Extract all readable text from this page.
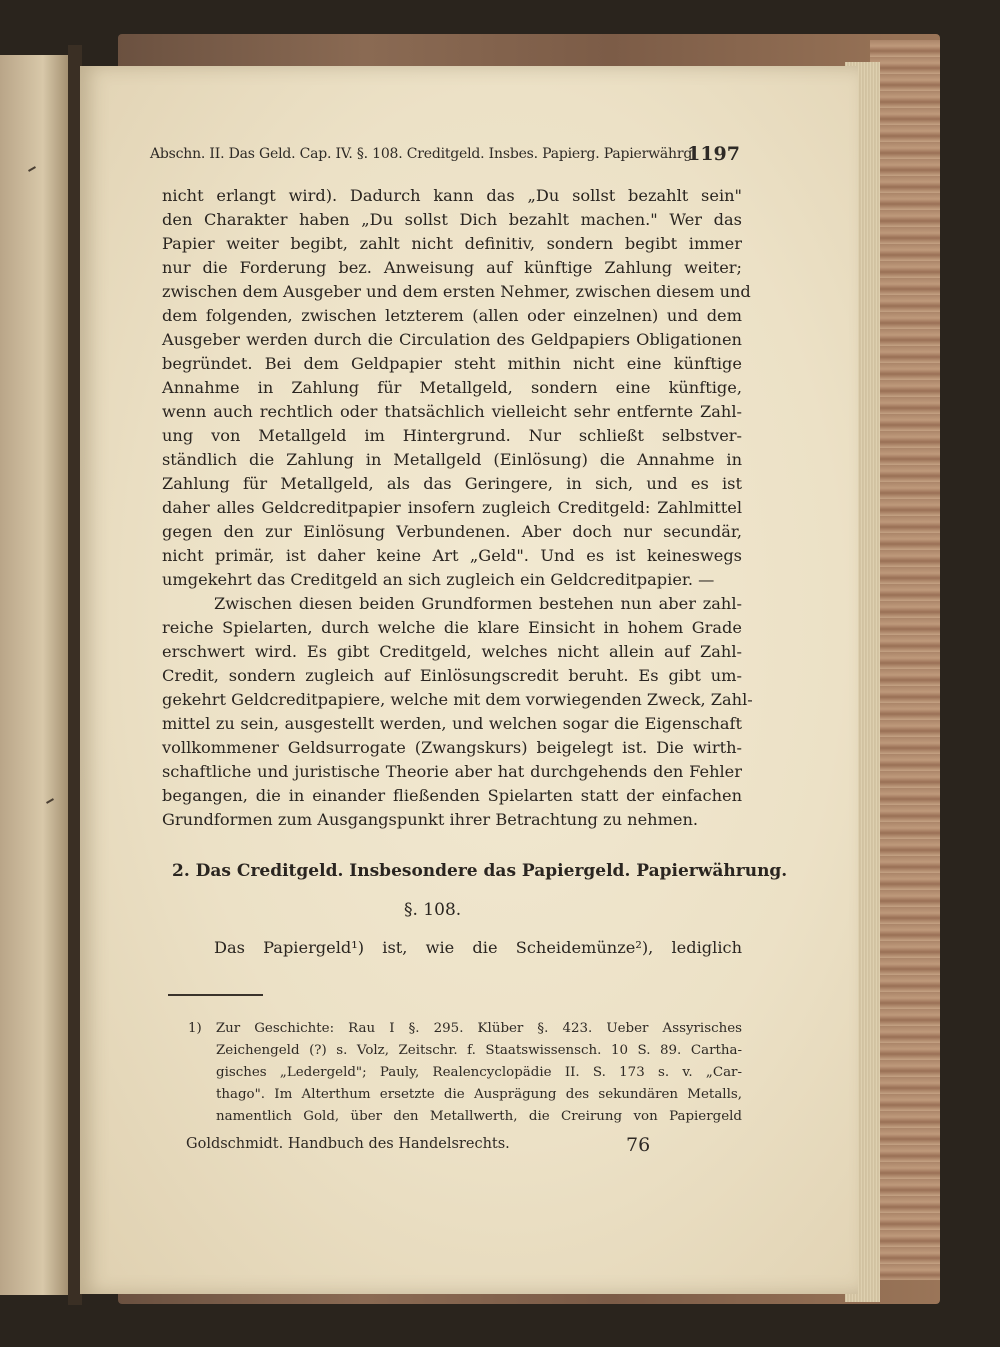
Abschn. II. Das Geld. Cap. IV. §. 108. Creditgeld. Insbes. Papierg. Papierwährg.
1197
nicht erlangt wird). Dadurch kann das „Du sollst bezahlt sein"
den Charakter haben „Du sollst Dich bezahlt machen." Wer das
Papier weiter begibt, zahlt nicht definitiv, sondern begibt immer
nur die Forderung bez. Anweisung auf künftige Zahlung weiter;
zwischen dem Ausgeber und dem ersten Nehmer, zwischen diesem und
dem folgenden, zwischen letzterem (allen oder einzelnen) und dem
Ausgeber werden durch die Circulation des Geldpapiers Obligationen
begründet. Bei dem Geldpapier steht mithin nicht eine künftige
Annahme in Zahlung für Metallgeld, sondern eine künftige,
wenn auch rechtlich oder thatsächlich vielleicht sehr entfernte Zahl-
ung von Metallgeld im Hintergrund. Nur schließt selbstver-
ständlich die Zahlung in Metallgeld (Einlösung) die Annahme in
Zahlung für Metallgeld, als das Geringere, in sich, und es ist
daher alles Geldcreditpapier insofern zugleich Creditgeld: Zahlmittel
gegen den zur Einlösung Verbundenen. Aber doch nur secundär,
nicht primär, ist daher keine Art „Geld". Und es ist keineswegs
umgekehrt das Creditgeld an sich zugleich ein Geldcreditpapier. —
Zwischen diesen beiden Grundformen bestehen nun aber zahl-
reiche Spielarten, durch welche die klare Einsicht in hohem Grade
erschwert wird. Es gibt Creditgeld, welches nicht allein auf Zahl-
Credit, sondern zugleich auf Einlösungscredit beruht. Es gibt um-
gekehrt Geldcreditpapiere, welche mit dem vorwiegenden Zweck, Zahl-
mittel zu sein, ausgestellt werden, und welchen sogar die Eigenschaft
vollkommener Geldsurrogate (Zwangskurs) beigelegt ist. Die wirth-
schaftliche und juristische Theorie aber hat durchgehends den Fehler
begangen, die in einander fließenden Spielarten statt der einfachen
Grundformen zum Ausgangspunkt ihrer Betrachtung zu nehmen.
2. Das Creditgeld. Insbesondere das Papiergeld. Papierwährung.
§. 108.
Das Papiergeld¹) ist, wie die Scheidemünze²), lediglich
1) Zur Geschichte: Rau I §. 295. Klüber §. 423. Ueber Assyrisches
Zeichengeld (?) s. Volz, Zeitschr. f. Staatswissensch. 10 S. 89. Cartha-
gisches „Ledergeld"; Pauly, Realencyclopädie II. S. 173 s. v. „Car-
thago". Im Alterthum ersetzte die Ausprägung des sekundären Metalls,
namentlich Gold, über den Metallwerth, die Creirung von Papiergeld
Goldschmidt. Handbuch des Handelsrechts.	76
